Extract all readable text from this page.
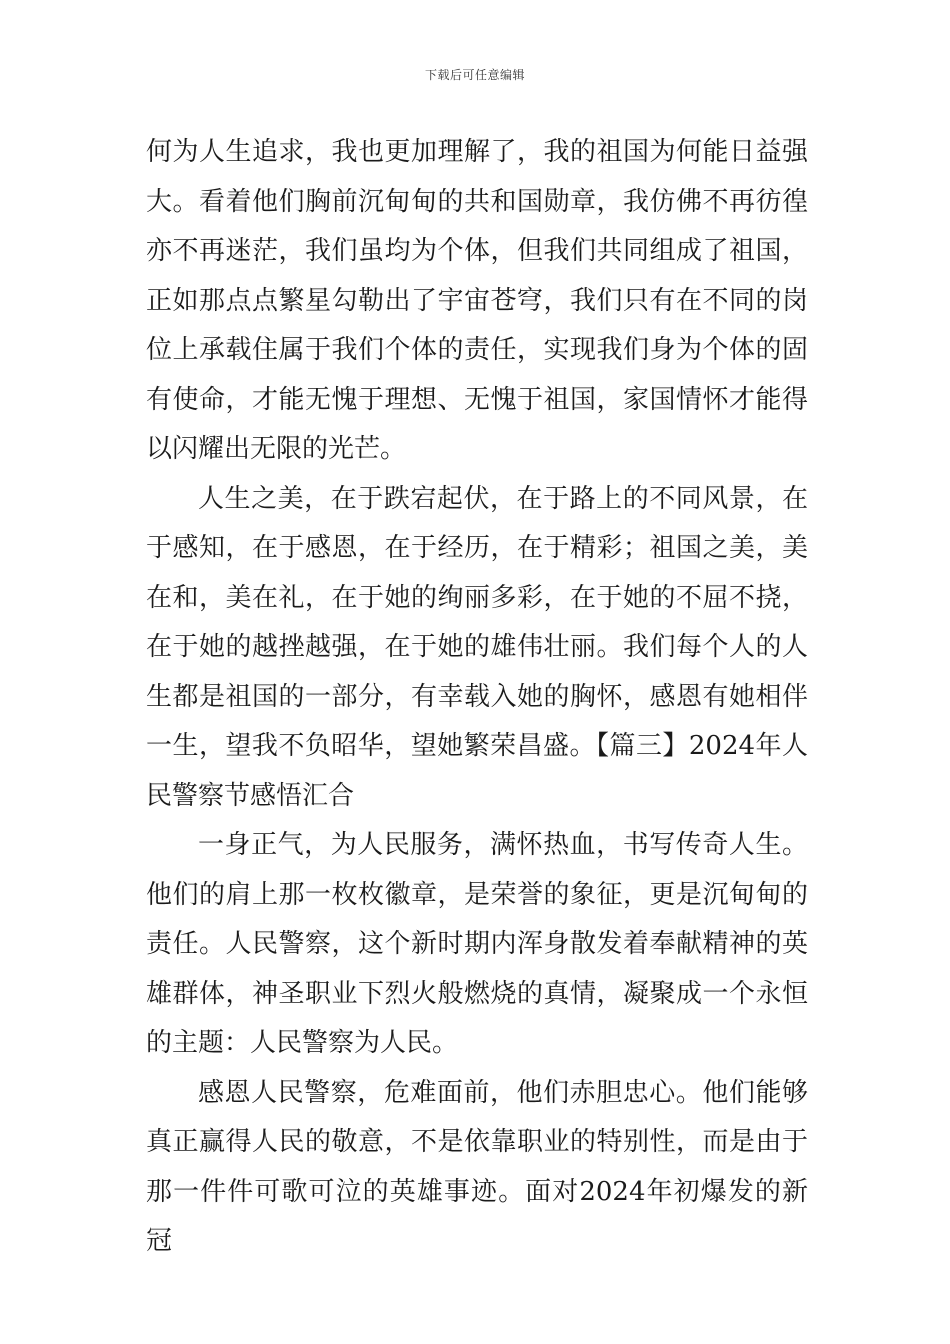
下载后可任意编辑

何为人生追求，我也更加理解了，我的祖国为何能日益强大。看着他们胸前沉甸甸的共和国勋章，我仿佛不再彷徨亦不再迷茫，我们虽均为个体，但我们共同组成了祖国，正如那点点繁星勾勒出了宇宙苍穹，我们只有在不同的岗位上承载住属于我们个体的责任，实现我们身为个体的固有使命，才能无愧于理想、无愧于祖国，家国情怀才能得以闪耀出无限的光芒。

人生之美，在于跌宕起伏，在于路上的不同风景，在于感知，在于感恩，在于经历，在于精彩；祖国之美，美在和，美在礼，在于她的绚丽多彩，在于她的不屈不挠，在于她的越挫越强，在于她的雄伟壮丽。我们每个人的人生都是祖国的一部分，有幸载入她的胸怀，感恩有她相伴一生，望我不负昭华，望她繁荣昌盛。【篇三】2024年人民警察节感悟汇合

一身正气，为人民服务，满怀热血，书写传奇人生。他们的肩上那一枚枚徽章，是荣誉的象征，更是沉甸甸的责任。人民警察，这个新时期内浑身散发着奉献精神的英雄群体，神圣职业下烈火般燃烧的真情，凝聚成一个永恒的主题：人民警察为人民。

感恩人民警察，危难面前，他们赤胆忠心。他们能够真正赢得人民的敬意，不是依靠职业的特别性，而是由于那一件件可歌可泣的英雄事迹。面对2024年初爆发的新冠
